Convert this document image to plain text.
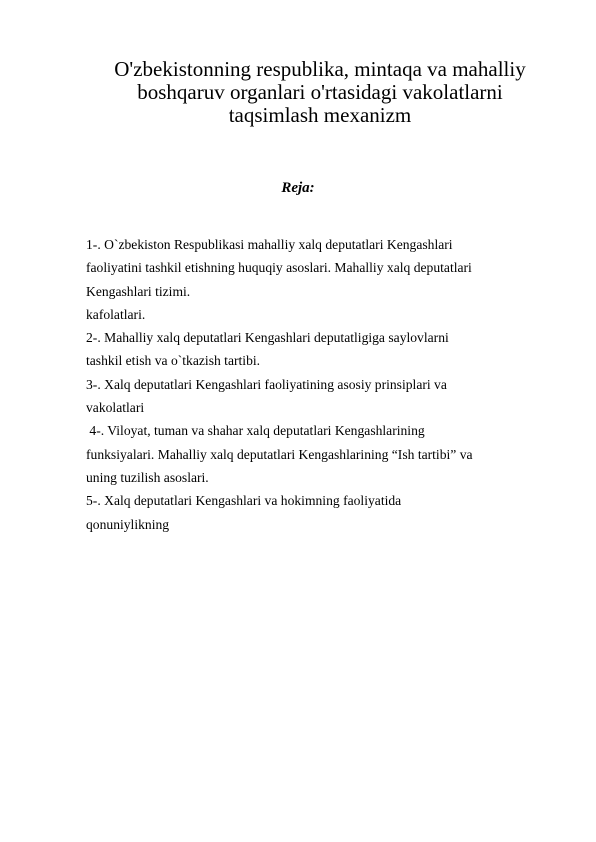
O'zbekistonning respublika, mintaqa va mahalliy
boshqaruv organlari o'rtasidagi vakolatlarni
taqsimlash mexanizm
Reja:
1-. O`zbekiston Respublikasi mahalliy xalq deputatlari Kengashlari
faoliyatini tashkil etishning huquqiy asoslari. Mahalliy xalq deputatlari
Kengashlari tizimi.
kafolatlari.
2-. Mahalliy xalq deputatlari Kengashlari deputatligiga saylovlarni
tashkil etish va o`tkazish tartibi.
3-. Xalq deputatlari Kengashlari faoliyatining asosiy prinsiplari va
vakolatlari
4-. Viloyat, tuman va shahar xalq deputatlari Kengashlarining
funksiyalari. Mahalliy xalq deputatlari Kengashlarining “Ish tartibi” va
uning tuzilish asoslari.
5-. Xalq deputatlari Kengashlari va hokimning faoliyatida
qonuniylikning
